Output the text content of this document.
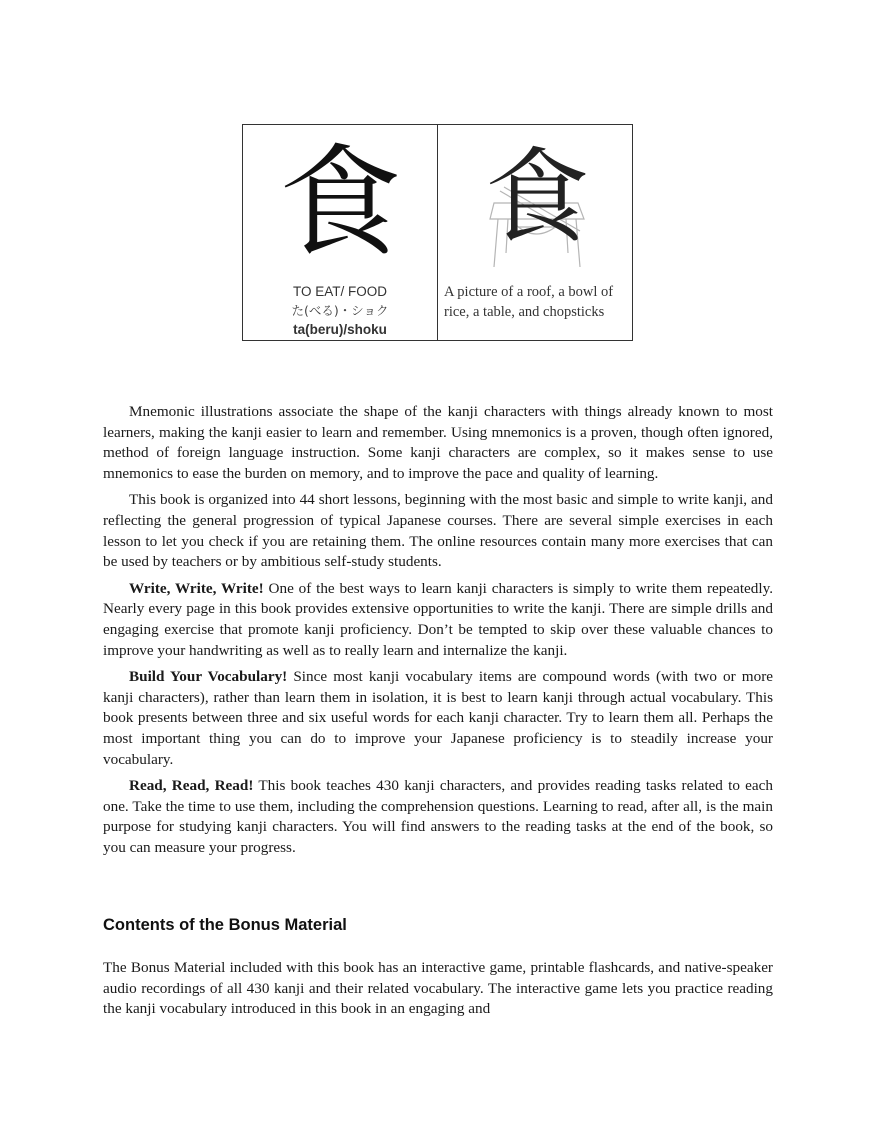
食
TO EAT/ FOOD
た(べる)・ショク
ta(beru)/shoku
食
A picture of a roof, a bowl of rice, a table, and chopsticks

Mnemonic illustrations associate the shape of the kanji characters with things already known to most learners, making the kanji easier to learn and remember. Using mnemonics is a proven, though often ignored, method of foreign language instruction. Some kanji characters are complex, so it makes sense to use mnemonics to ease the burden on memory, and to improve the pace and quality of learning.

This book is organized into 44 short lessons, beginning with the most basic and simple to write kanji, and reflecting the general progression of typical Japanese courses. There are several simple exercises in each lesson to let you check if you are retaining them. The online resources contain many more exercises that can be used by teachers or by ambitious self-study students.

Write, Write, Write! One of the best ways to learn kanji characters is simply to write them repeatedly. Nearly every page in this book provides extensive opportunities to write the kanji. There are simple drills and engaging exercise that promote kanji proficiency. Don’t be tempted to skip over these valuable chances to improve your handwriting as well as to really learn and internalize the kanji.

Build Your Vocabulary! Since most kanji vocabulary items are compound words (with two or more kanji characters), rather than learn them in isolation, it is best to learn kanji through actual vocabulary. This book presents between three and six useful words for each kanji character. Try to learn them all. Perhaps the most important thing you can do to improve your Japanese proficiency is to steadily increase your vocabulary.

Read, Read, Read! This book teaches 430 kanji characters, and provides reading tasks related to each one. Take the time to use them, including the comprehension questions. Learning to read, after all, is the main purpose for studying kanji characters. You will find answers to the reading tasks at the end of the book, so you can measure your progress.

Contents of the Bonus Material

The Bonus Material included with this book has an interactive game, printable flashcards, and native-speaker audio recordings of all 430 kanji and their related vocabulary. The interactive game lets you practice reading the kanji vocabulary introduced in this book in an engaging and
